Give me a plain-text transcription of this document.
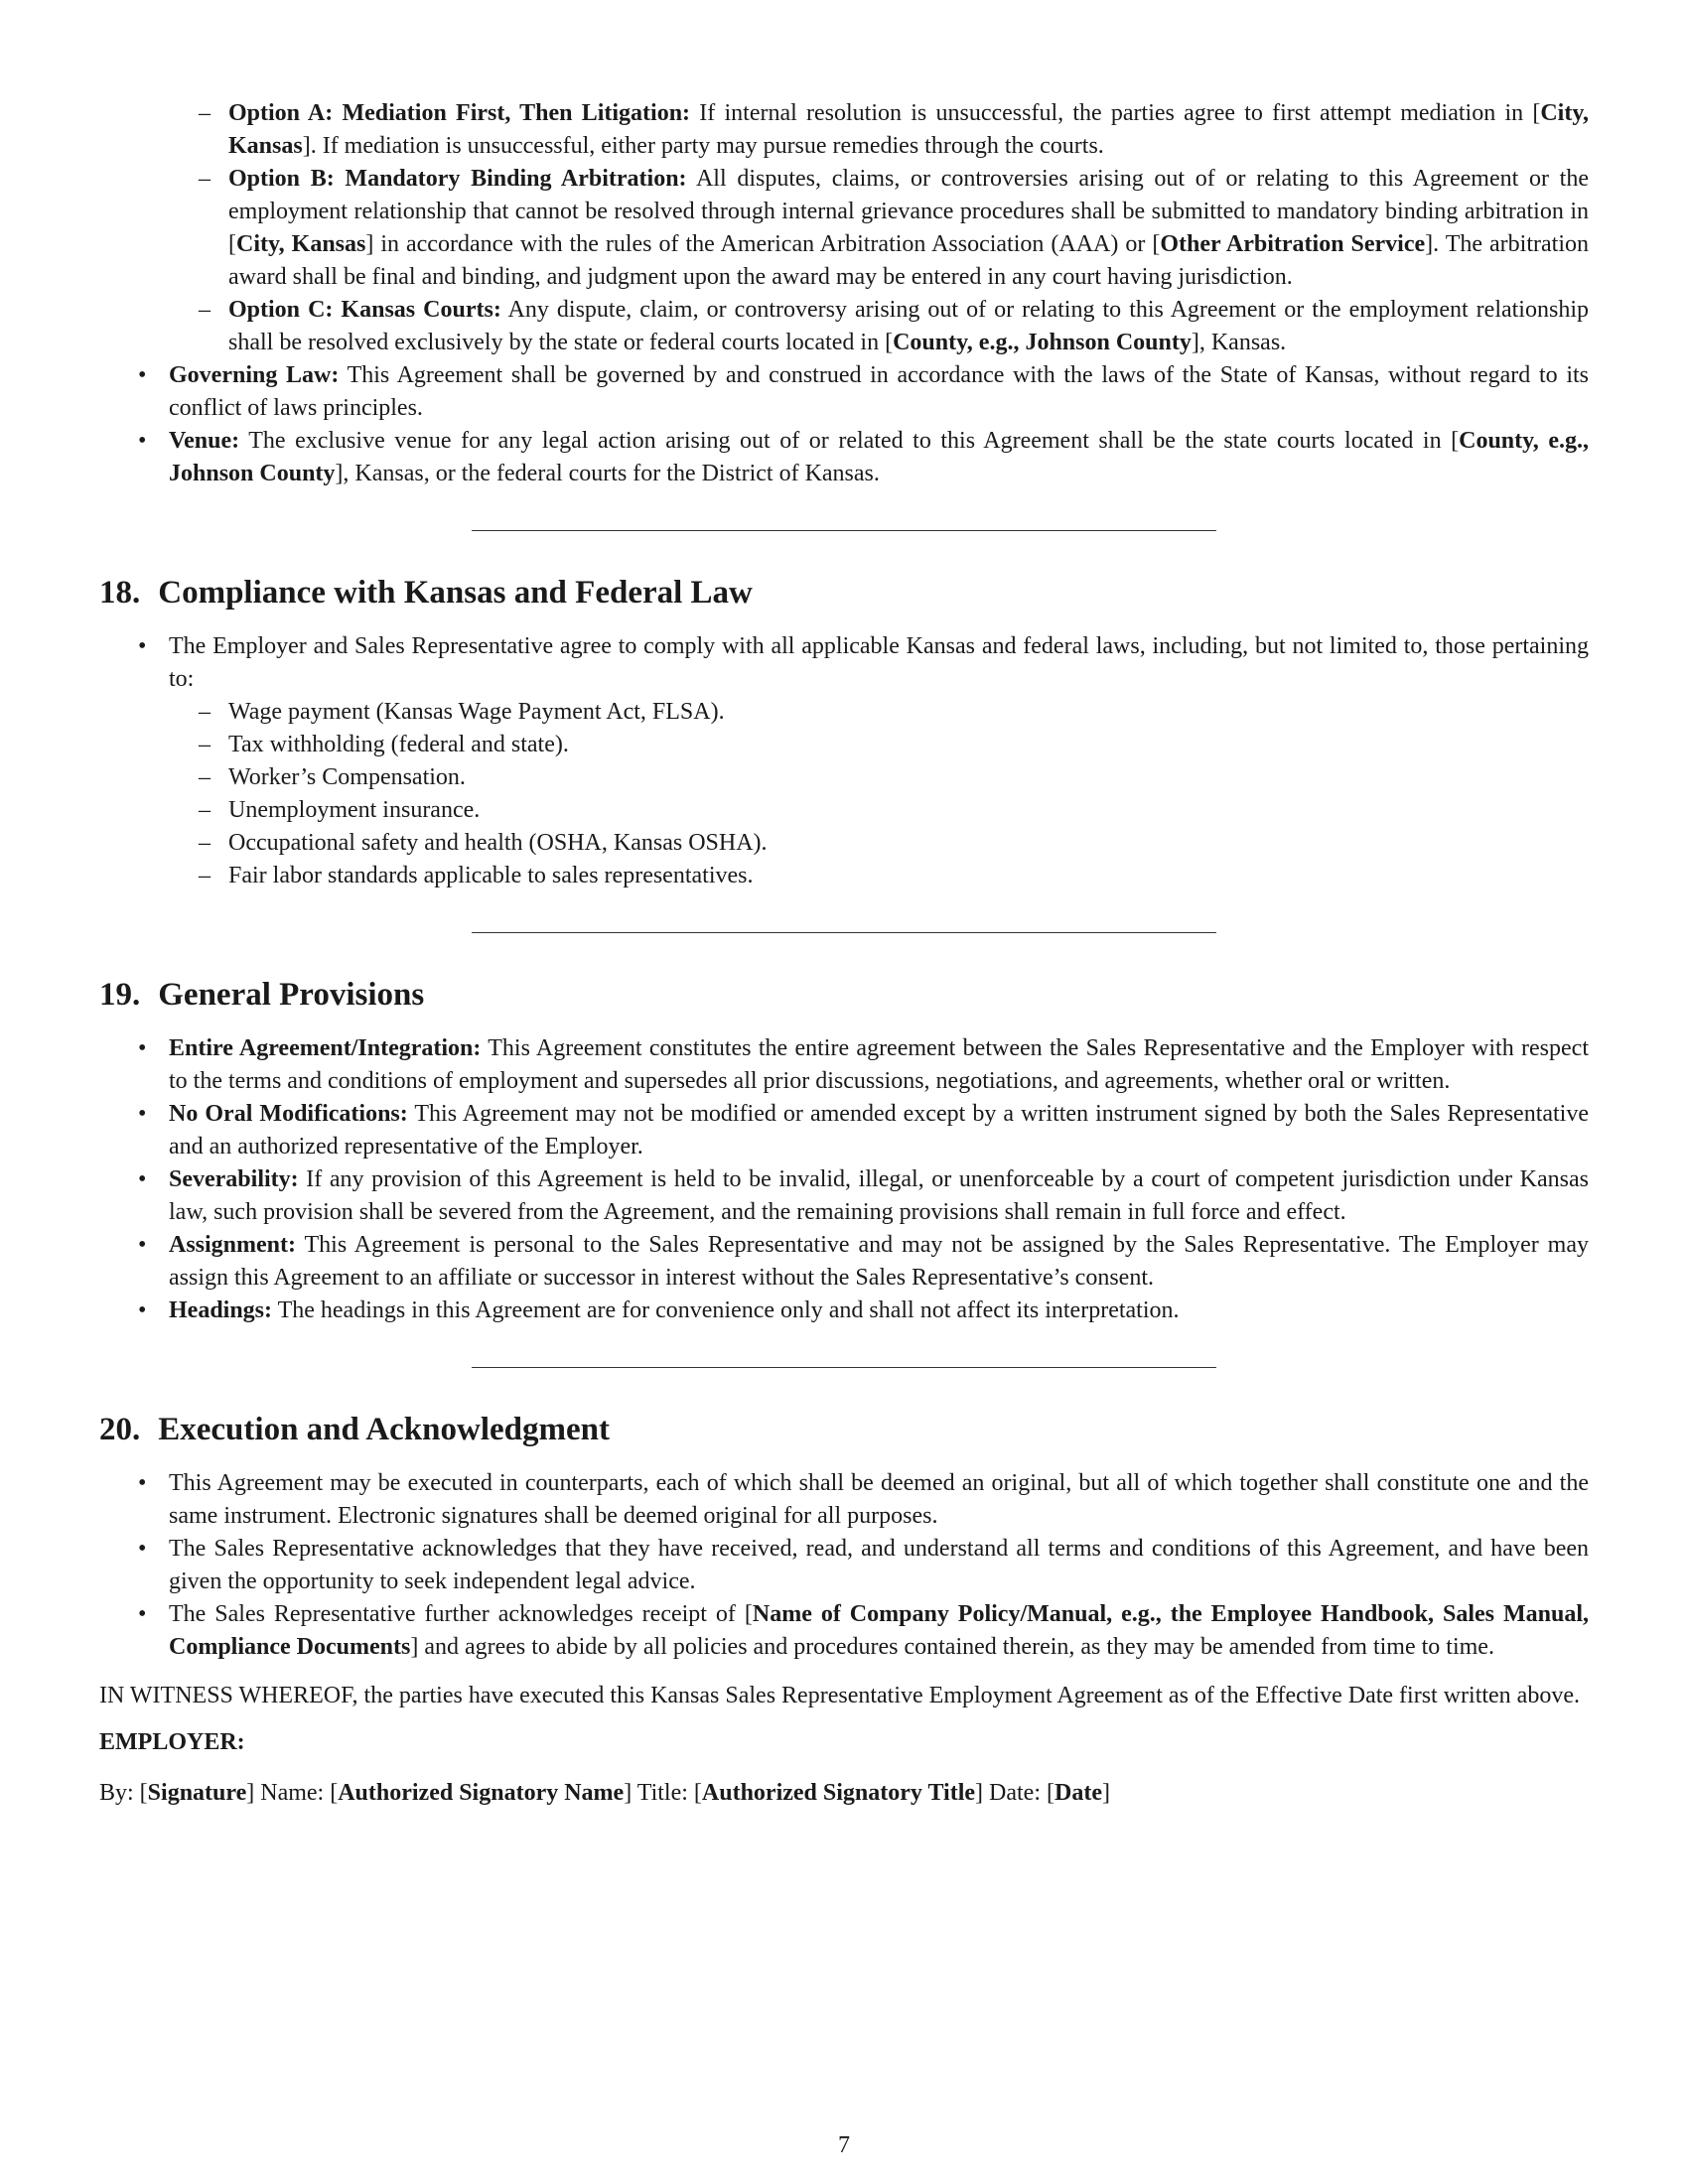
– Option A: Mediation First, Then Litigation: If internal resolution is unsuccessful, the parties agree to first attempt mediation in [City, Kansas]. If mediation is unsuccessful, either party may pursue remedies through the courts.
– Option B: Mandatory Binding Arbitration: All disputes, claims, or controversies arising out of or relating to this Agreement or the employment relationship that cannot be resolved through internal grievance procedures shall be submitted to mandatory binding arbitration in [City, Kansas] in accordance with the rules of the American Arbitration Association (AAA) or [Other Arbitration Service]. The arbitration award shall be final and binding, and judgment upon the award may be entered in any court having jurisdiction.
– Option C: Kansas Courts: Any dispute, claim, or controversy arising out of or relating to this Agreement or the employment relationship shall be resolved exclusively by the state or federal courts located in [County, e.g., Johnson County], Kansas.
• Governing Law: This Agreement shall be governed by and construed in accordance with the laws of the State of Kansas, without regard to its conflict of laws principles.
• Venue: The exclusive venue for any legal action arising out of or related to this Agreement shall be the state courts located in [County, e.g., Johnson County], Kansas, or the federal courts for the District of Kansas.
18. Compliance with Kansas and Federal Law
• The Employer and Sales Representative agree to comply with all applicable Kansas and federal laws, including, but not limited to, those pertaining to:
– Wage payment (Kansas Wage Payment Act, FLSA).
– Tax withholding (federal and state).
– Worker’s Compensation.
– Unemployment insurance.
– Occupational safety and health (OSHA, Kansas OSHA).
– Fair labor standards applicable to sales representatives.
19. General Provisions
• Entire Agreement/Integration: This Agreement constitutes the entire agreement between the Sales Representative and the Employer with respect to the terms and conditions of employment and supersedes all prior discussions, negotiations, and agreements, whether oral or written.
• No Oral Modifications: This Agreement may not be modified or amended except by a written instrument signed by both the Sales Representative and an authorized representative of the Employer.
• Severability: If any provision of this Agreement is held to be invalid, illegal, or unenforceable by a court of competent jurisdiction under Kansas law, such provision shall be severed from the Agreement, and the remaining provisions shall remain in full force and effect.
• Assignment: This Agreement is personal to the Sales Representative and may not be assigned by the Sales Representative. The Employer may assign this Agreement to an affiliate or successor in interest without the Sales Representative’s consent.
• Headings: The headings in this Agreement are for convenience only and shall not affect its interpretation.
20. Execution and Acknowledgment
• This Agreement may be executed in counterparts, each of which shall be deemed an original, but all of which together shall constitute one and the same instrument. Electronic signatures shall be deemed original for all purposes.
• The Sales Representative acknowledges that they have received, read, and understand all terms and conditions of this Agreement, and have been given the opportunity to seek independent legal advice.
• The Sales Representative further acknowledges receipt of [Name of Company Policy/Manual, e.g., the Employee Handbook, Sales Manual, Compliance Documents] and agrees to abide by all policies and procedures contained therein, as they may be amended from time to time.

IN WITNESS WHEREOF, the parties have executed this Kansas Sales Representative Employment Agreement as of the Effective Date first written above.

EMPLOYER:

By: [Signature] Name: [Authorized Signatory Name] Title: [Authorized Signatory Title] Date: [Date]

7
